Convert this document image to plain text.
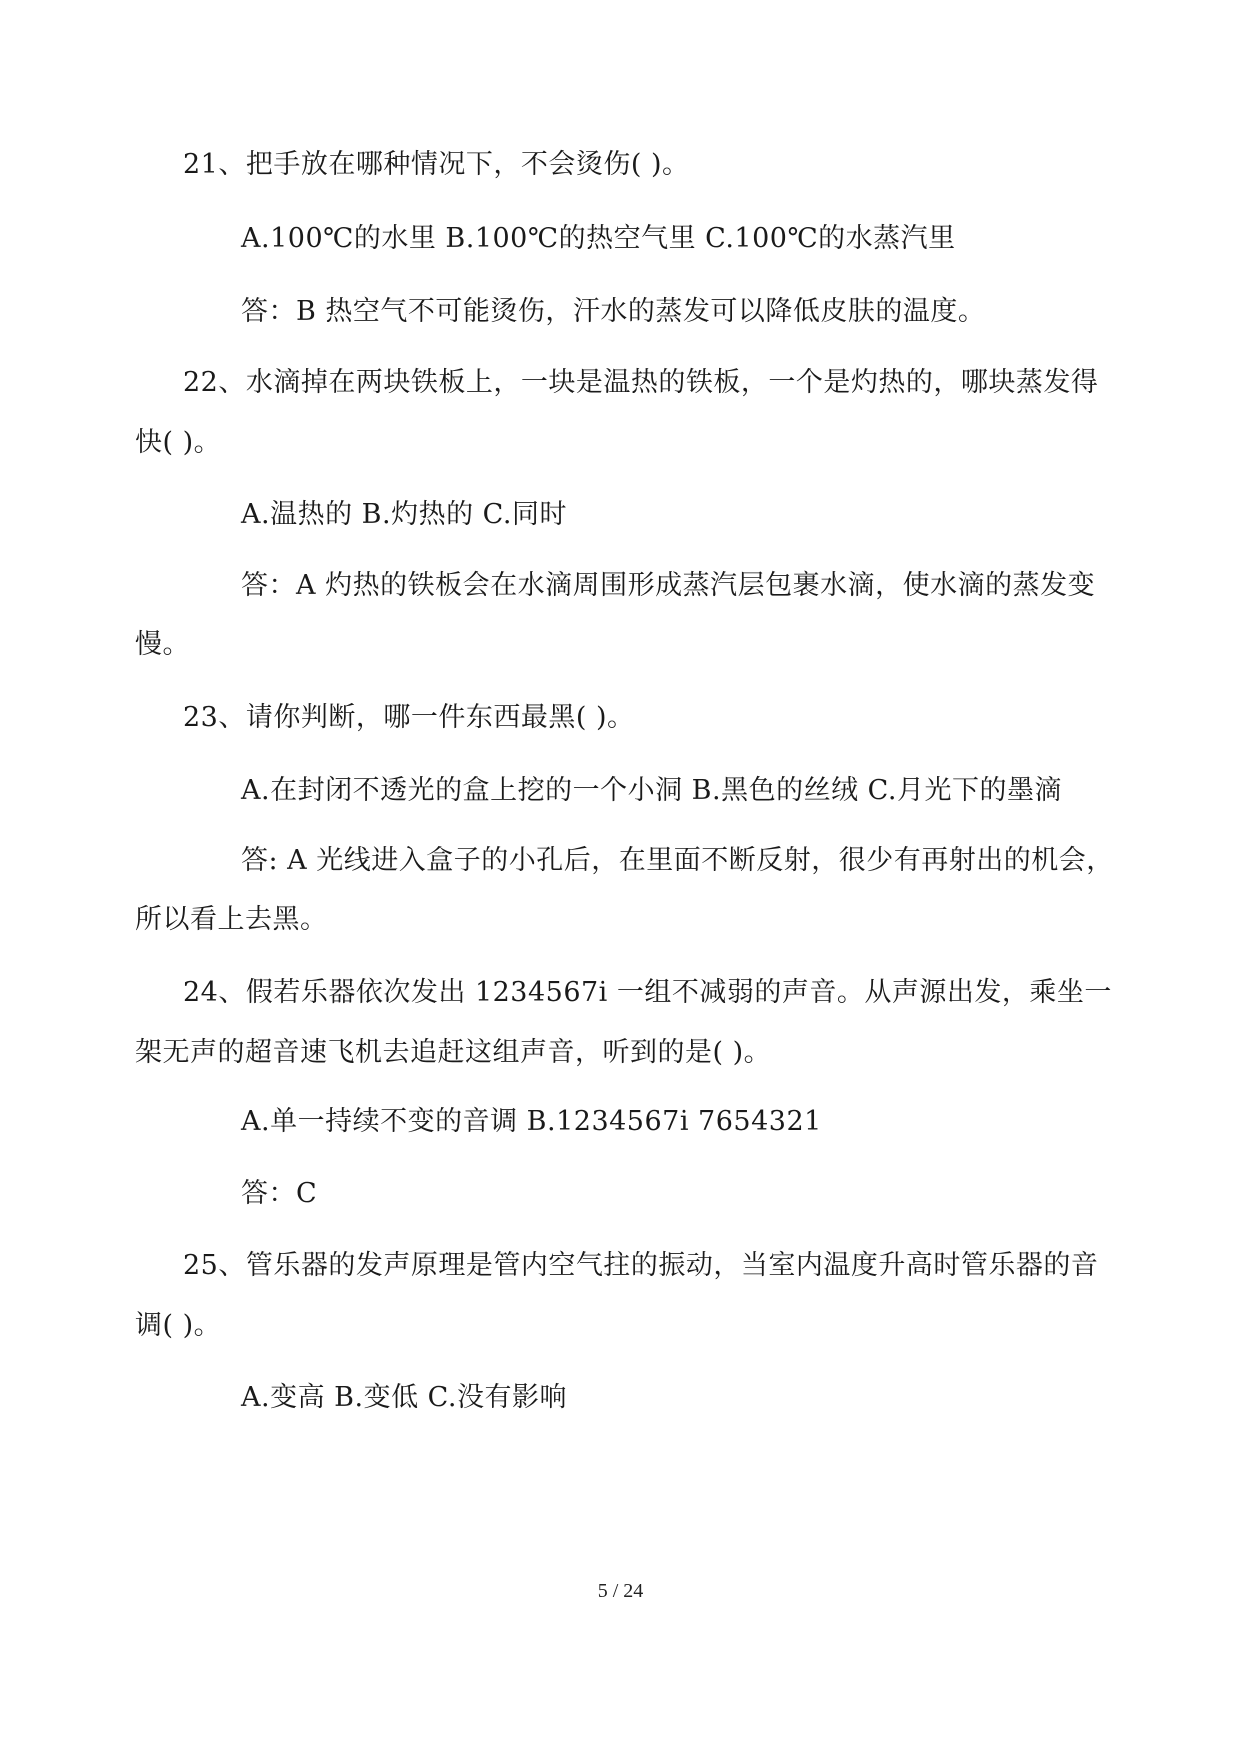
21、把手放在哪种情况下，不会烫伤( )。
A.100℃的水里 B.100℃的热空气里 C.100℃的水蒸汽里
答：B 热空气不可能烫伤，汗水的蒸发可以降低皮肤的温度。
22、水滴掉在两块铁板上，一块是温热的铁板，一个是灼热的，哪块蒸发得
快( )。
A.温热的 B.灼热的 C.同时
答：A 灼热的铁板会在水滴周围形成蒸汽层包裹水滴，使水滴的蒸发变
慢。
23、请你判断，哪一件东西最黑( )。
A.在封闭不透光的盒上挖的一个小洞 B.黑色的丝绒 C.月光下的墨滴
答: A 光线进入盒子的小孔后，在里面不断反射，很少有再射出的机会，
所以看上去黑。
24、假若乐器依次发出 1234567i 一组不减弱的声音。从声源出发，乘坐一
架无声的超音速飞机去追赶这组声音，听到的是( )。
A.单一持续不变的音调 B.1234567i 7654321
答：C
25、管乐器的发声原理是管内空气拄的振动，当室内温度升高时管乐器的音
调( )。
A.变高 B.变低 C.没有影响
5 / 24
